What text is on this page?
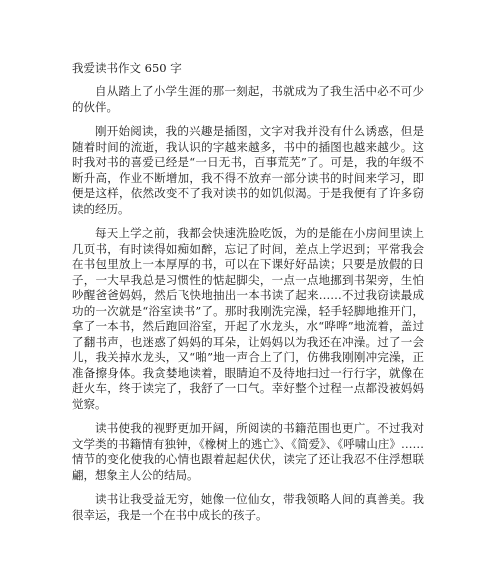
我爱读书作文 650 字

自从踏上了小学生涯的那一刻起，书就成为了我生活中必不可少的伙伴。

刚开始阅读，我的兴趣是插图，文字对我并没有什么诱惑，但是随着时间的流逝，我认识的字越来越多，书中的插图也越来越少。这时我对书的喜爱已经是“一日无书，百事荒芜”了。可是，我的年级不断升高，作业不断增加，我不得不放弃一部分读书的时间来学习，即便是这样，依然改变不了我对读书的如饥似渴。于是我便有了许多窃读的经历。

每天上学之前，我都会快速洗脸吃饭，为的是能在小房间里读上几页书，有时读得如痴如醉，忘记了时间，差点上学迟到；平常我会在书包里放上一本厚厚的书，可以在下课好好品读；只要是放假的日子，一大早我总是习惯性的惦起脚尖，一点一点地挪到书架旁，生怕吵醒爸爸妈妈，然后飞快地抽出一本书读了起来……不过我窃读最成功的一次就是“浴室读书”了。那时我刚洗完澡，轻手轻脚地推开门，拿了一本书，然后跑回浴室，开起了水龙头，水“哗哗”地流着，盖过了翻书声，也迷惑了妈妈的耳朵，让妈妈以为我还在冲澡。过了一会儿，我关掉水龙头，又“啪”地一声合上了门，仿佛我刚刚冲完澡，正准备擦身体。我贪婪地读着，眼睛迫不及待地扫过一行行字，就像在赶火车，终于读完了，我舒了一口气。幸好整个过程一点都没被妈妈觉察。

读书使我的视野更加开阔，所阅读的书籍范围也更广。不过我对文学类的书籍情有独钟，《橡树上的逃亡》、《简爱》、《呼啸山庄》……情节的变化使我的心情也跟着起起伏伏，读完了还让我忍不住浮想联翩，想象主人公的结局。

读书让我受益无穷，她像一位仙女，带我领略人间的真善美。我很幸运，我是一个在书中成长的孩子。
